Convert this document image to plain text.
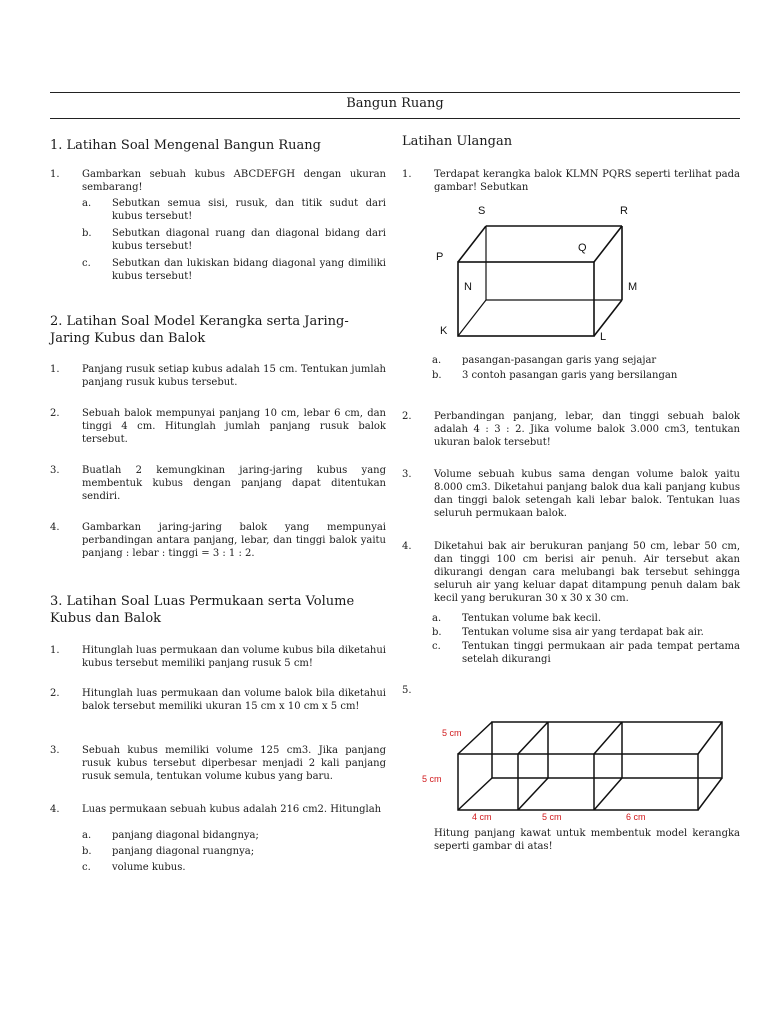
Bangun Ruang
1. Latihan Soal Mengenal Bangun Ruang
1. Gambarkan sebuah kubus ABCDEFGH dengan ukuran sembarang!
a. Sebutkan semua sisi, rusuk, dan titik sudut dari kubus tersebut!
b. Sebutkan diagonal ruang dan diagonal bidang dari kubus tersebut!
c. Sebutkan dan lukiskan bidang diagonal yang dimiliki kubus tersebut!
2. Latihan Soal Model Kerangka serta Jaring-Jaring Kubus dan Balok
1. Panjang rusuk setiap kubus adalah 15 cm. Tentukan jumlah panjang rusuk kubus tersebut.
2. Sebuah balok mempunyai panjang 10 cm, lebar 6 cm, dan tinggi 4 cm. Hitunglah jumlah panjang rusuk balok tersebut.
3. Buatlah 2 kemungkinan jaring-jaring kubus yang membentuk kubus dengan panjang dapat ditentukan sendiri.
4. Gambarkan jaring-jaring balok yang mempunyai perbandingan antara panjang, lebar, dan tinggi balok yaitu panjang : lebar : tinggi = 3 : 1 : 2.
3. Latihan Soal Luas Permukaan serta Volume Kubus dan Balok
1. Hitunglah luas permukaan dan volume kubus bila diketahui kubus tersebut memiliki panjang rusuk 5 cm!
2. Hitunglah luas permukaan dan volume balok bila diketahui balok tersebut memiliki ukuran 15 cm x 10 cm x 5 cm!
3. Sebuah kubus memiliki volume 125 cm3. Jika panjang rusuk kubus tersebut diperbesar menjadi 2 kali panjang rusuk semula, tentukan volume kubus yang baru.
4. Luas permukaan sebuah kubus adalah 216 cm2. Hitunglah
a. panjang diagonal bidangnya;
b. panjang diagonal ruangnya;
c. volume kubus.
Latihan Ulangan
1. Terdapat kerangka balok KLMN PQRS seperti terlihat pada gambar! Sebutkan
S	R
P
Q
N	M
K	L
a. pasangan-pasangan garis yang sejajar
b. 3 contoh pasangan garis yang bersilangan
2. Perbandingan panjang, lebar, dan tinggi sebuah balok adalah 4 : 3 : 2. Jika volume balok 3.000 cm3, tentukan ukuran balok tersebut!
3. Volume sebuah kubus sama dengan volume balok yaitu 8.000 cm3. Diketahui panjang balok dua kali panjang kubus dan tinggi balok setengah kali lebar balok. Tentukan luas seluruh permukaan balok.
4. Diketahui bak air berukuran panjang 50 cm, lebar 50 cm, dan tinggi 100 cm berisi air penuh. Air tersebut akan dikurangi dengan cara melubangi bak tersebut sehingga seluruh air yang keluar dapat ditampung penuh dalam bak kecil yang berukuran 30 x 30 x 30 cm.
a. Tentukan volume bak kecil.
b. Tentukan volume sisa air yang terdapat bak air.
c. Tentukan tinggi permukaan air pada tempat pertama setelah dikurangi
5.
5 cm
5 cm
4 cm	5 cm	6 cm
Hitung panjang kawat untuk membentuk model kerangka seperti gambar di atas!
